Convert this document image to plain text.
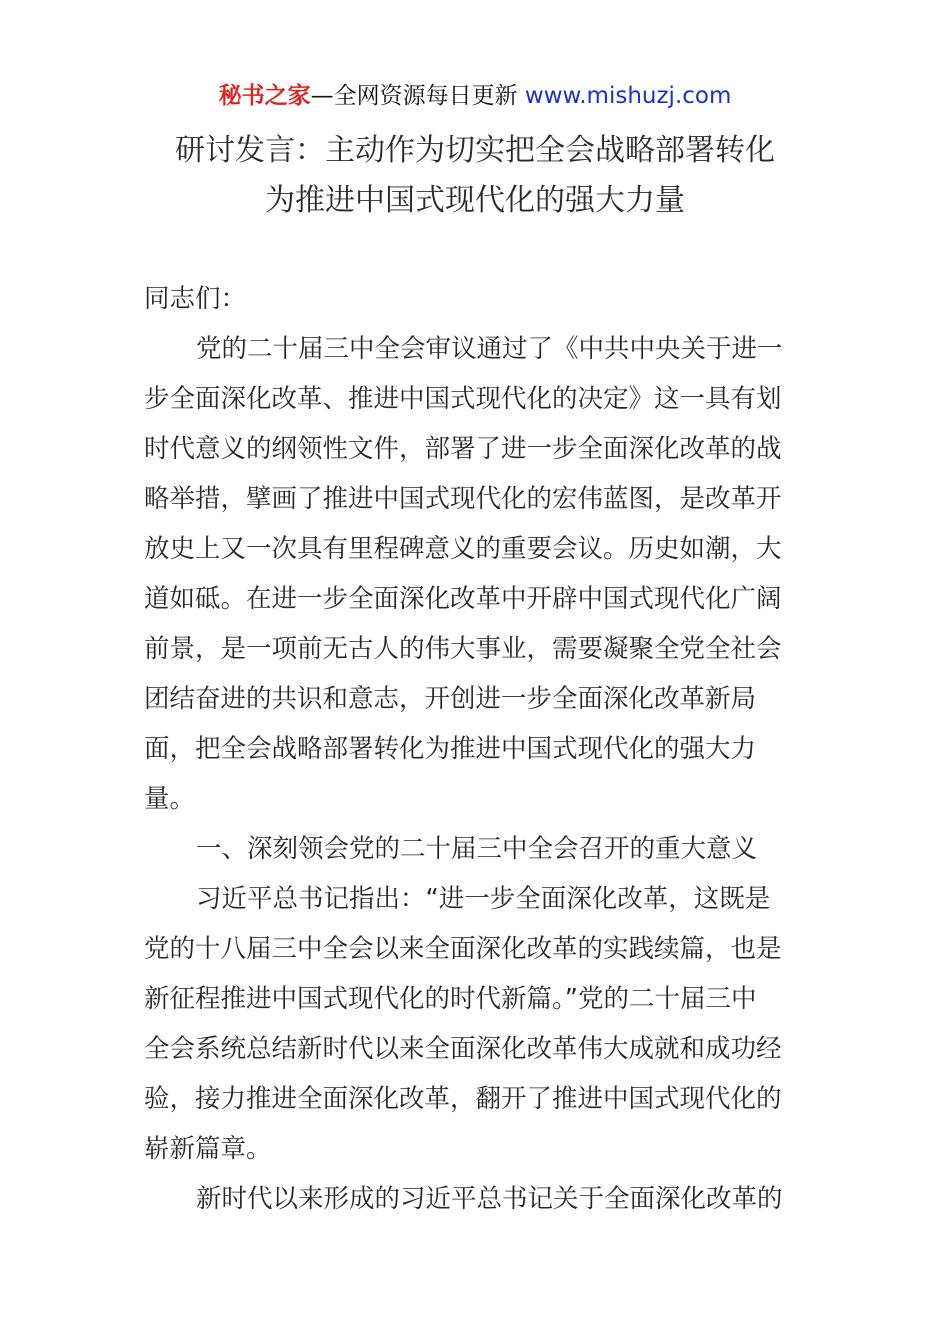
秘书之家—全网资源每日更新 www.mishuzj.com
研讨发言：主动作为切实把全会战略部署转化
为推进中国式现代化的强大力量
同志们：
党的二十届三中全会审议通过了《中共中央关于进一
步全面深化改革、推进中国式现代化的决定》这一具有划
时代意义的纲领性文件，部署了进一步全面深化改革的战
略举措，擘画了推进中国式现代化的宏伟蓝图，是改革开
放史上又一次具有里程碑意义的重要会议。历史如潮，大
道如砥。在进一步全面深化改革中开辟中国式现代化广阔
前景，是一项前无古人的伟大事业，需要凝聚全党全社会
团结奋进的共识和意志，开创进一步全面深化改革新局
面，把全会战略部署转化为推进中国式现代化的强大力
量。
一、深刻领会党的二十届三中全会召开的重大意义
习近平总书记指出：“进一步全面深化改革，这既是
党的十八届三中全会以来全面深化改革的实践续篇，也是
新征程推进中国式现代化的时代新篇。”党的二十届三中
全会系统总结新时代以来全面深化改革伟大成就和成功经
验，接力推进全面深化改革，翻开了推进中国式现代化的
崭新篇章。
新时代以来形成的习近平总书记关于全面深化改革的
